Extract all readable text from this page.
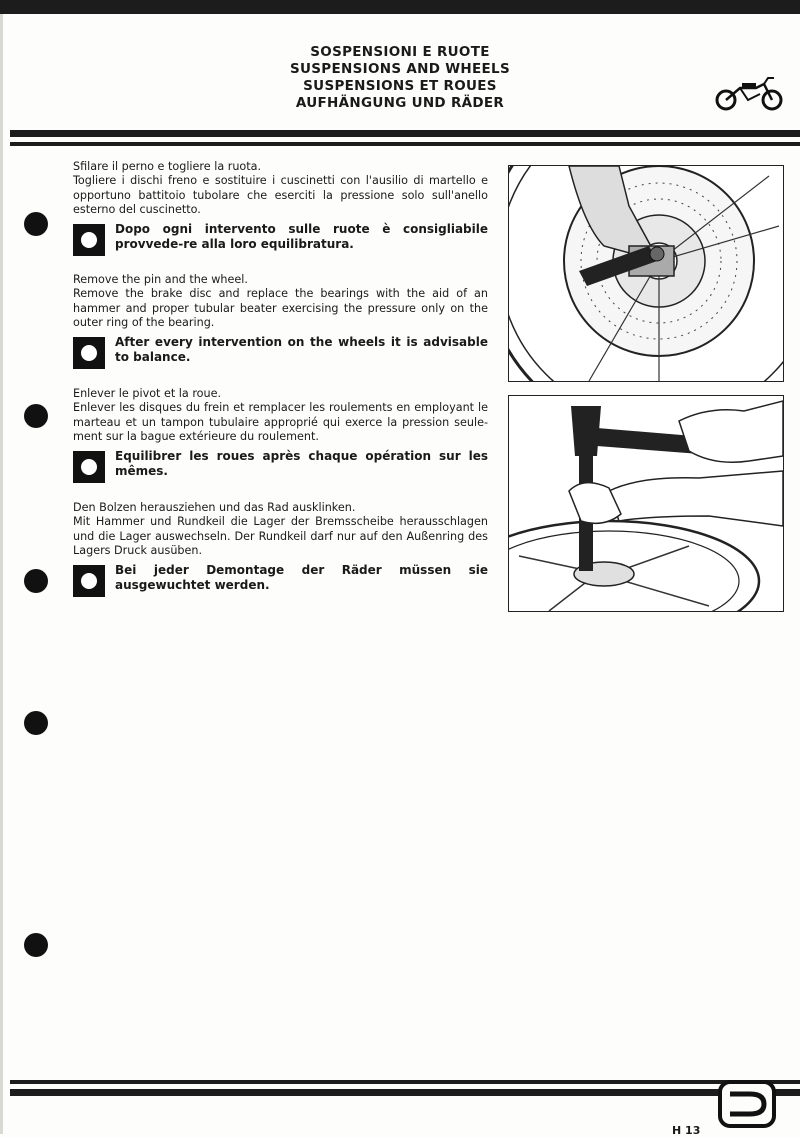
SOSPENSIONI E RUOTE
SUSPENSIONS AND WHEELS
SUSPENSIONS ET ROUES
AUFHÄNGUNG UND RÄDER

Sfilare il perno e togliere la ruota.

Togliere i dischi freno e sostituire i cuscinetti con l'ausilio di martello e opportuno battitoio tubolare che eserciti la pressione solo sull'anello esterno del cuscinetto.

Dopo ogni intervento sulle ruote è consigliabile provvede-re alla loro equilibratura.

Remove the pin and the wheel.

Remove the brake disc and replace the bearings with the aid of an hammer and proper tubular beater exercising the pressure only on the outer ring of the bearing.

After every intervention on the wheels it is advisable to balance.

Enlever le pivot et la roue.

Enlever les disques du frein et remplacer les roulements en employant le marteau et un tampon tubulaire approprié qui exerce la pression seule-ment sur la bague extérieure du roulement.

Equilibrer les roues après chaque opération sur les mêmes.

Den Bolzen herausziehen und das Rad ausklinken.

Mit Hammer und Rundkeil die Lager der Bremsscheibe herausschlagen und die Lager auswechseln. Der Rundkeil darf nur auf den Außenring des Lagers Druck ausüben.

Bei jeder Demontage der Räder müssen sie ausgewuchtet werden.
H 13
